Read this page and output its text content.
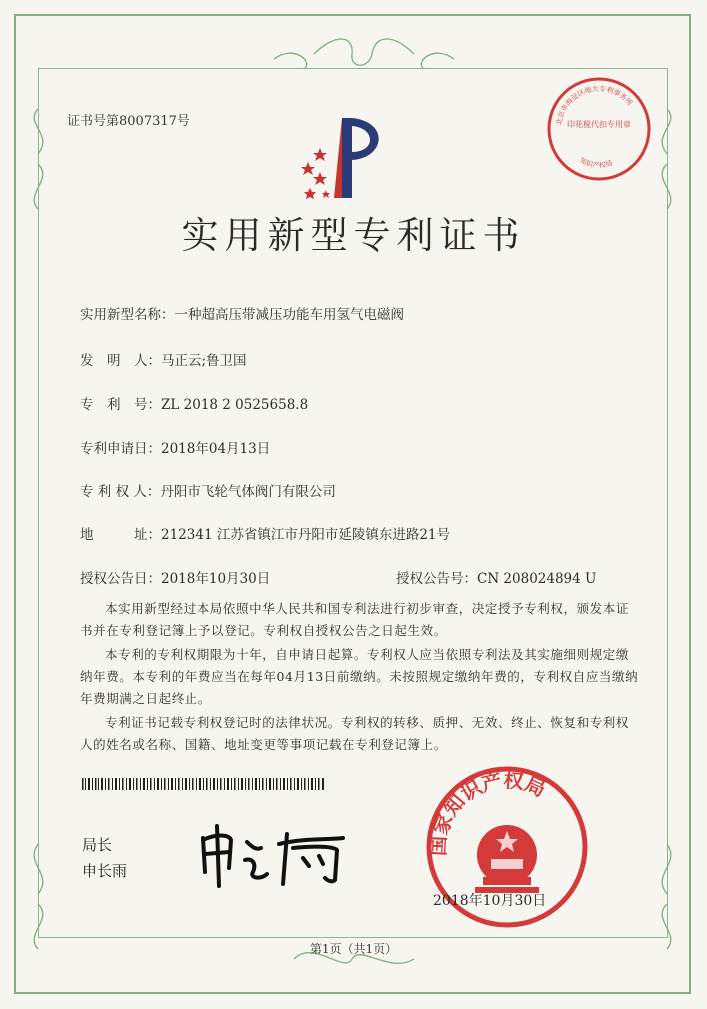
证书号第8007317号
实用新型专利证书
北京市海淀区地大专利事务所
印花税代扣专用章
知识产权局
实用新型名称：一种超高压带减压功能车用氢气电磁阀
发　明　人：马正云;鲁卫国
专　利　号：ZL 2018 2 0525658.8
专利申请日：2018年04月13日
专 利 权 人：丹阳市飞轮气体阀门有限公司
地　　　址：212341 江苏省镇江市丹阳市延陵镇东进路21号
授权公告日：2018年10月30日	授权公告号：CN 208024894 U

本实用新型经过本局依照中华人民共和国专利法进行初步审查，决定授予专利权，颁发本证书并在专利登记簿上予以登记。专利权自授权公告之日起生效。

本专利的专利权期限为十年，自申请日起算。专利权人应当依照专利法及其实施细则规定缴纳年费。本专利的年费应当在每年04月13日前缴纳。未按照规定缴纳年费的，专利权自应当缴纳年费期满之日起终止。

专利证书记载专利权登记时的法律状况。专利权的转移、质押、无效、终止、恢复和专利权人的姓名或名称、国籍、地址变更等事项记载在专利登记簿上。

局长
申长雨
国家知识产权局
2018年10月30日
第1页（共1页）
